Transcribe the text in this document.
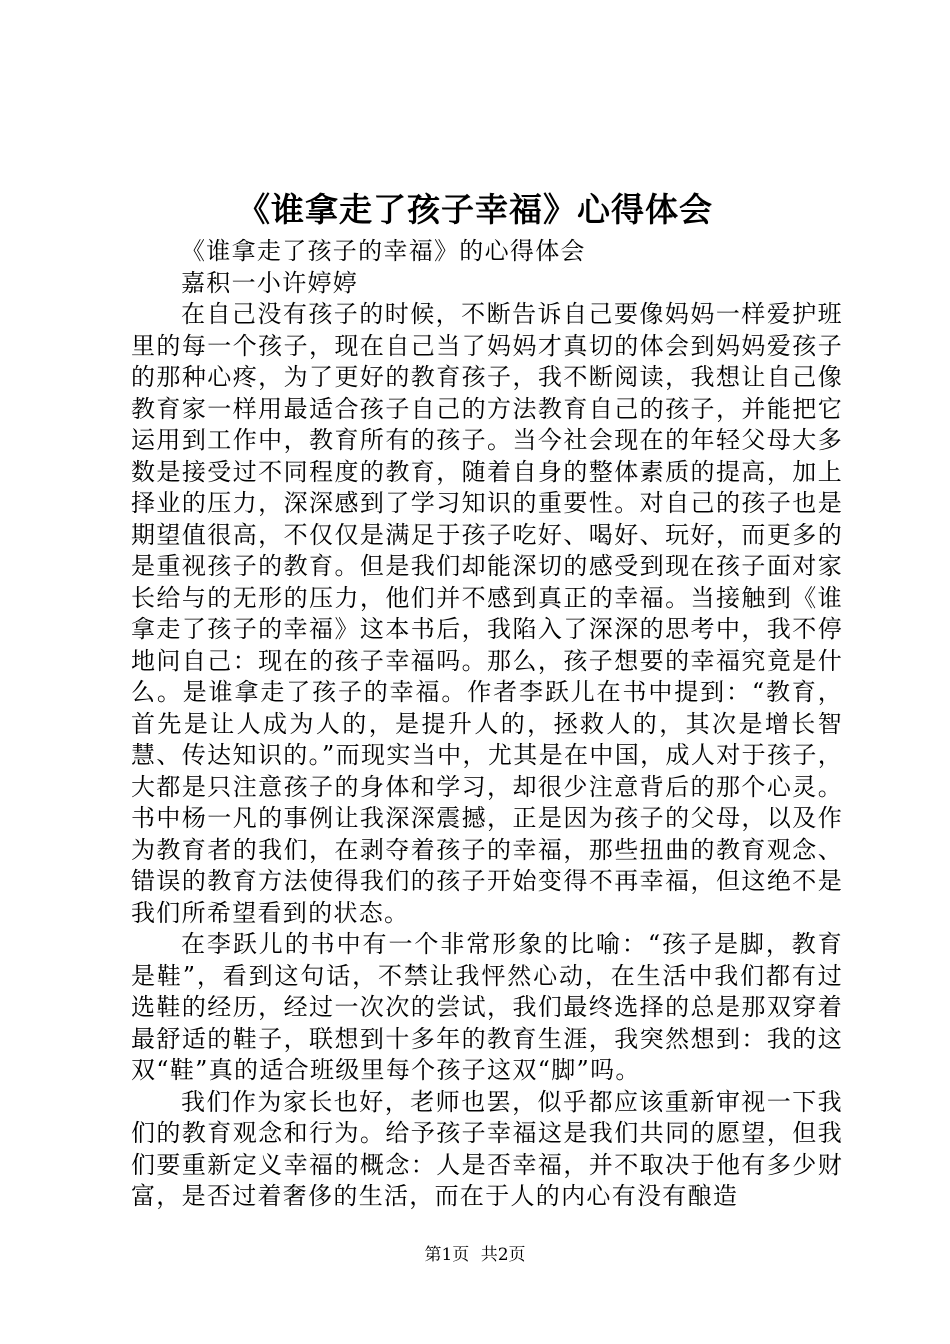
《谁拿走了孩子幸福》心得体会

《谁拿走了孩子的幸福》的心得体会

嘉积一小许婷婷

在自己没有孩子的时候，不断告诉自己要像妈妈一样爱护班里的每一个孩子，现在自己当了妈妈才真切的体会到妈妈爱孩子的那种心疼，为了更好的教育孩子，我不断阅读，我想让自己像教育家一样用最适合孩子自己的方法教育自己的孩子，并能把它运用到工作中，教育所有的孩子。当今社会现在的年轻父母大多数是接受过不同程度的教育，随着自身的整体素质的提高，加上择业的压力，深深感到了学习知识的重要性。对自己的孩子也是期望值很高，不仅仅是满足于孩子吃好、喝好、玩好，而更多的是重视孩子的教育。但是我们却能深切的感受到现在孩子面对家长给与的无形的压力，他们并不感到真正的幸福。当接触到《谁拿走了孩子的幸福》这本书后，我陷入了深深的思考中，我不停地问自己：现在的孩子幸福吗。那么，孩子想要的幸福究竟是什么。是谁拿走了孩子的幸福。作者李跃儿在书中提到：“教育，首先是让人成为人的，是提升人的，拯救人的，其次是增长智慧、传达知识的。”而现实当中，尤其是在中国，成人对于孩子，大都是只注意孩子的身体和学习，却很少注意背后的那个心灵。书中杨一凡的事例让我深深震撼，正是因为孩子的父母，以及作为教育者的我们，在剥夺着孩子的幸福，那些扭曲的教育观念、错误的教育方法使得我们的孩子开始变得不再幸福，但这绝不是我们所希望看到的状态。

在李跃儿的书中有一个非常形象的比喻：“孩子是脚，教育是鞋”，看到这句话，不禁让我怦然心动，在生活中我们都有过选鞋的经历，经过一次次的尝试，我们最终选择的总是那双穿着最舒适的鞋子，联想到十多年的教育生涯，我突然想到：我的这双“鞋”真的适合班级里每个孩子这双“脚”吗。

我们作为家长也好，老师也罢，似乎都应该重新审视一下我们的教育观念和行为。给予孩子幸福这是我们共同的愿望，但我们要重新定义幸福的概念：人是否幸福，并不取决于他有多少财富，是否过着奢侈的生活，而在于人的内心有没有酿造

第1页 共2页
